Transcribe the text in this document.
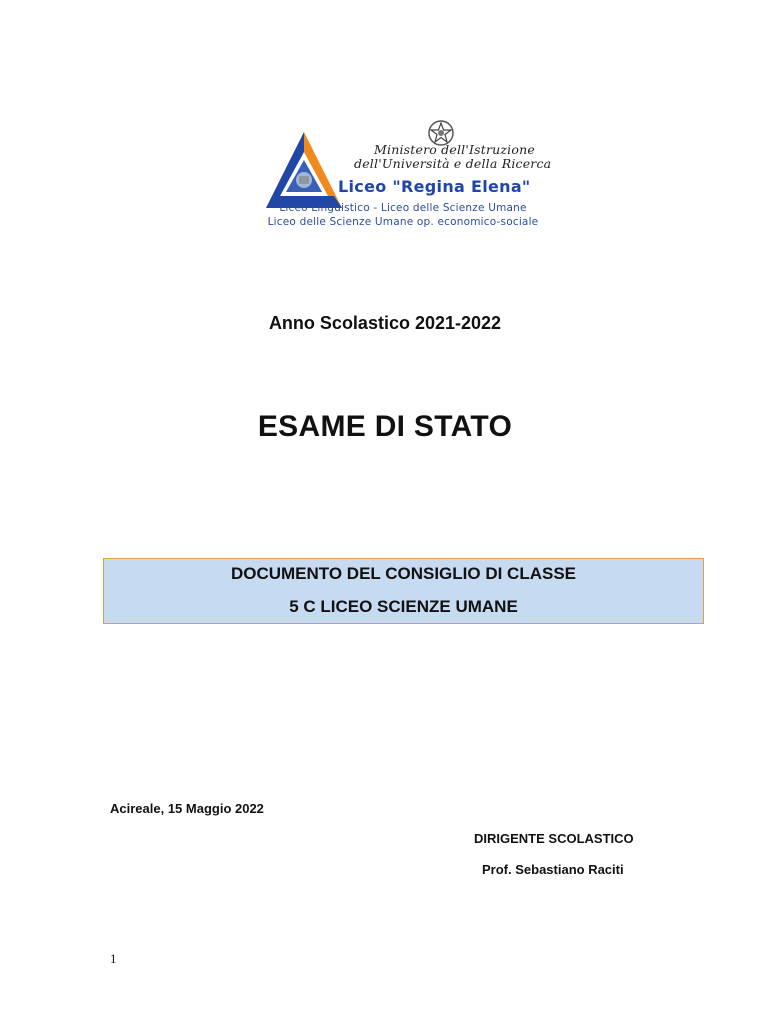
Ministero dell'Istruzione
dell'Università e della Ricerca
Liceo "Regina Elena"
Liceo Linguistico - Liceo delle Scienze Umane
Liceo delle Scienze Umane op. economico-sociale
Anno Scolastico 2021-2022
ESAME DI STATO
DOCUMENTO DEL CONSIGLIO DI CLASSE
5 C LICEO SCIENZE UMANE
Acireale, 15 Maggio 2022
DIRIGENTE SCOLASTICO
Prof. Sebastiano Raciti
1
